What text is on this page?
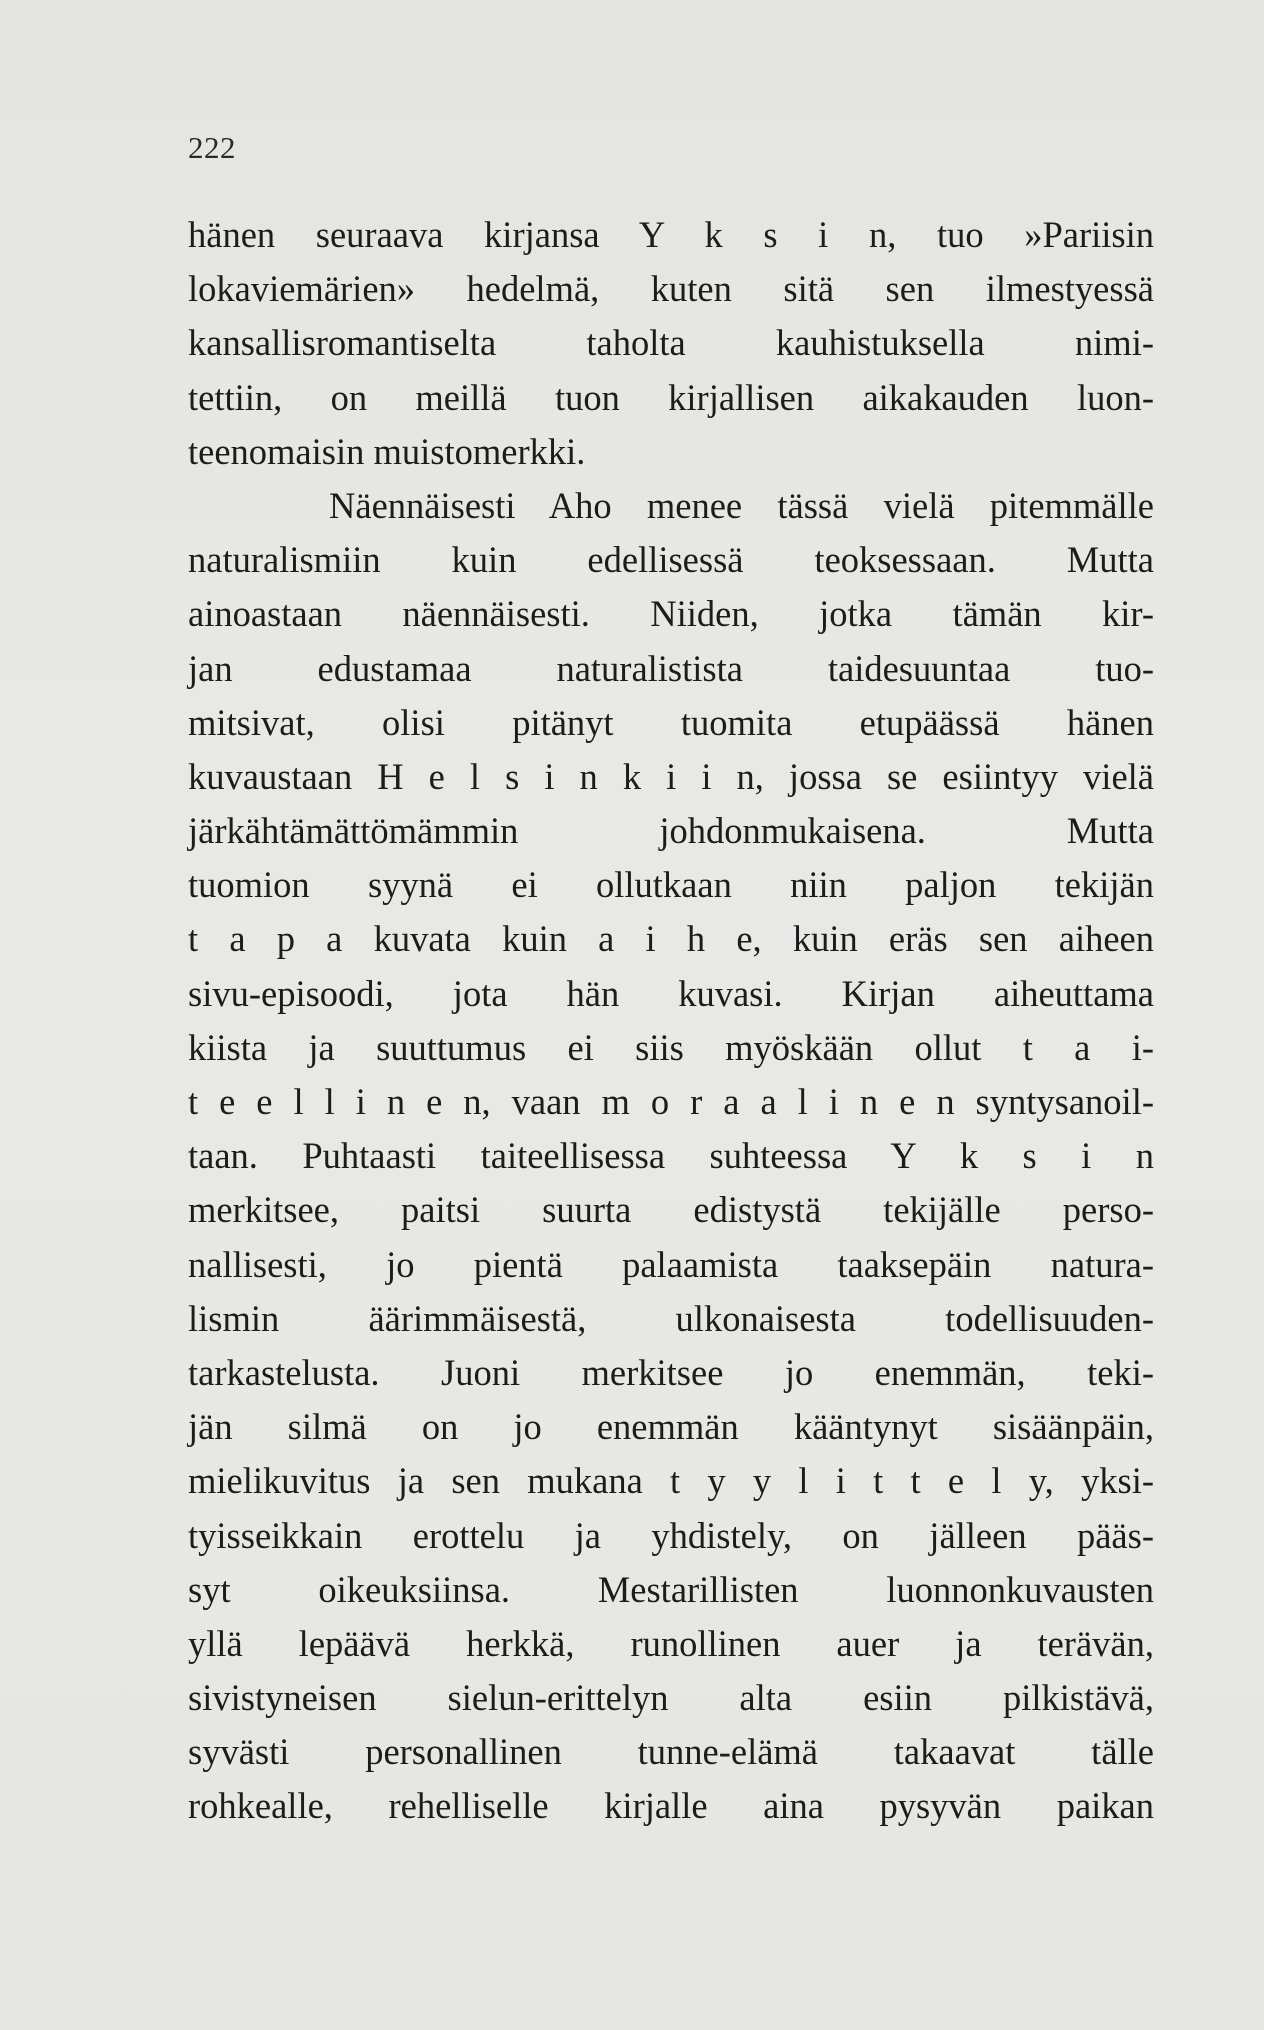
222
hänen seuraava kirjansa Y k s i n, tuo »Pariisin
lokaviemärien» hedelmä, kuten sitä sen ilmestyessä
kansallisromantiselta taholta kauhistuksella nimi-
tettiin, on meillä tuon kirjallisen aikakauden luon-
teenomaisin muistomerkki.
Näennäisesti Aho menee tässä vielä pitemmälle
naturalismiin kuin edellisessä teoksessaan. Mutta
ainoastaan näennäisesti. Niiden, jotka tämän kir-
jan edustamaa naturalistista taidesuuntaa tuo-
mitsivat, olisi pitänyt tuomita etupäässä hänen
kuvaustaan H e l s i n k i i n, jossa se esiintyy vielä
järkähtämättömämmin johdonmukaisena. Mutta
tuomion syynä ei ollutkaan niin paljon tekijän
t a p a kuvata kuin a i h e, kuin eräs sen aiheen
sivu-episoodi, jota hän kuvasi. Kirjan aiheuttama
kiista ja suuttumus ei siis myöskään ollut t a i-
t e e l l i n e n, vaan m o r a a l i n e n syntysanoil-
taan. Puhtaasti taiteellisessa suhteessa Y k s i n
merkitsee, paitsi suurta edistystä tekijälle perso-
nallisesti, jo pientä palaamista taaksepäin natura-
lismin äärimmäisestä, ulkonaisesta todellisuuden-
tarkastelusta. Juoni merkitsee jo enemmän, teki-
jän silmä on jo enemmän kääntynyt sisäänpäin,
mielikuvitus ja sen mukana t y y l i t t e l y, yksi-
tyisseikkain erottelu ja yhdistely, on jälleen pääs-
syt oikeuksiinsa. Mestarillisten luonnonkuvausten
yllä lepäävä herkkä, runollinen auer ja terävän,
sivistyneisen sielun-erittelyn alta esiin pilkistävä,
syvästi personallinen tunne-elämä takaavat tälle
rohkealle, rehelliselle kirjalle aina pysyvän paikan
